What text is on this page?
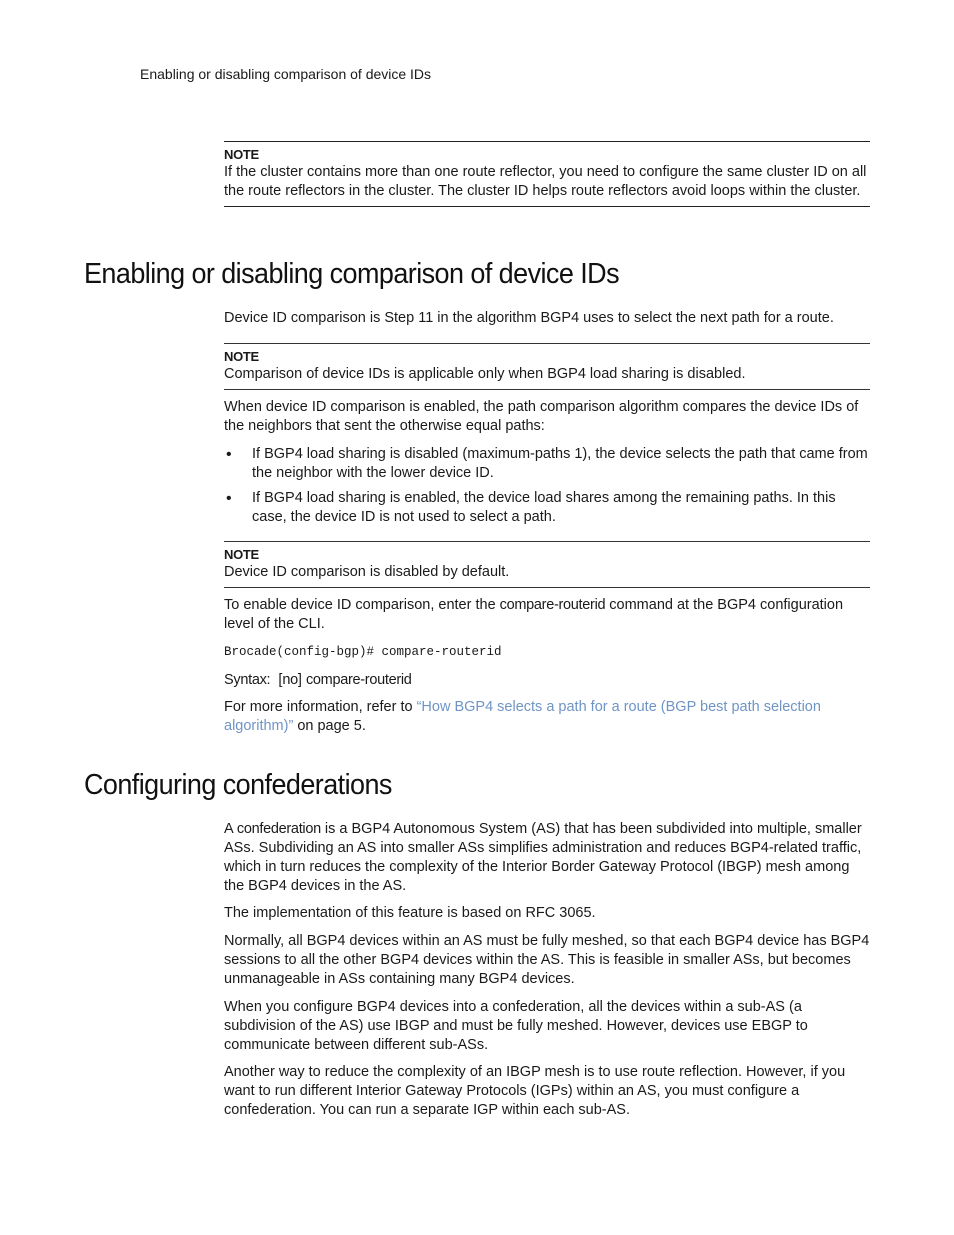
Enabling or disabling comparison of device IDs
NOTE

If the cluster contains more than one route reflector, you need to configure the same cluster ID on all the route reflectors in the cluster. The cluster ID helps route reflectors avoid loops within the cluster.

Enabling or disabling comparison of device IDs

Device ID comparison is Step 11 in the algorithm BGP4 uses to select the next path for a route.

NOTE

Comparison of device IDs is applicable only when BGP4 load sharing is disabled.

When device ID comparison is enabled, the path comparison algorithm compares the device IDs of the neighbors that sent the otherwise equal paths:

• If BGP4 load sharing is disabled (maximum-paths 1), the device selects the path that came from the neighbor with the lower device ID.
• If BGP4 load sharing is enabled, the device load shares among the remaining paths. In this case, the device ID is not used to select a path.
NOTE

Device ID comparison is disabled by default.

To enable device ID comparison, enter the compare-routerid command at the BGP4 configuration level of the CLI.

Brocade(config-bgp)# compare-routerid

Syntax: [no] compare-routerid

For more information, refer to “How BGP4 selects a path for a route (BGP best path selection algorithm)” on page 5.

Configuring confederations

A confederation is a BGP4 Autonomous System (AS) that has been subdivided into multiple, smaller ASs. Subdividing an AS into smaller ASs simplifies administration and reduces BGP4-related traffic, which in turn reduces the complexity of the Interior Border Gateway Protocol (IBGP) mesh among the BGP4 devices in the AS.

The implementation of this feature is based on RFC 3065.

Normally, all BGP4 devices within an AS must be fully meshed, so that each BGP4 device has BGP4 sessions to all the other BGP4 devices within the AS. This is feasible in smaller ASs, but becomes unmanageable in ASs containing many BGP4 devices.

When you configure BGP4 devices into a confederation, all the devices within a sub-AS (a subdivision of the AS) use IBGP and must be fully meshed. However, devices use EBGP to communicate between different sub-ASs.

Another way to reduce the complexity of an IBGP mesh is to use route reflection. However, if you want to run different Interior Gateway Protocols (IGPs) within an AS, you must configure a confederation. You can run a separate IGP within each sub-AS.
